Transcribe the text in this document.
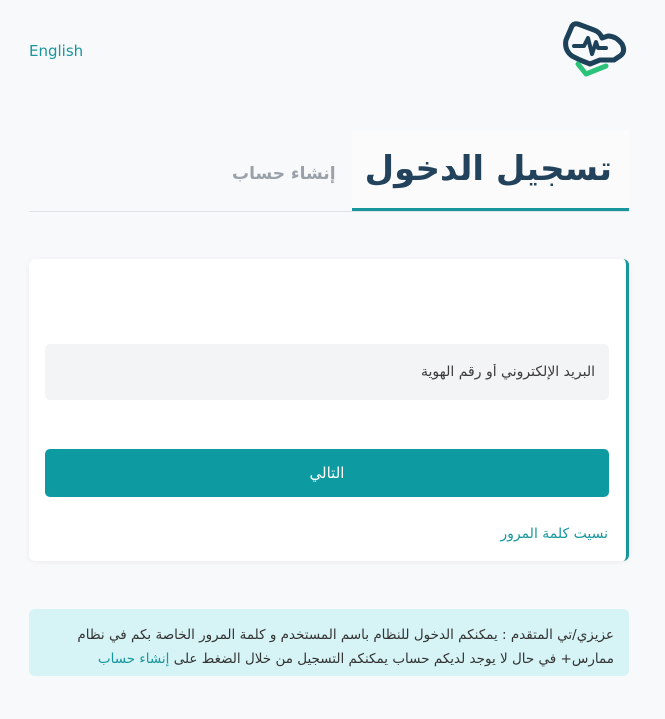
English
إنشاء حساب تسجيل الدخول
البريد الإلكتروني أو رقم الهوية
التالي
نسيت كلمة المرور
عزيزي/تي المتقدم : يمكنكم الدخول للنظام باسم المستخدم و كلمة المرور الخاصة بكم في نظام
ممارس+ في حال لا يوجد لديكم حساب يمكنكم التسجيل من خلال الضغط على إنشاء حساب
